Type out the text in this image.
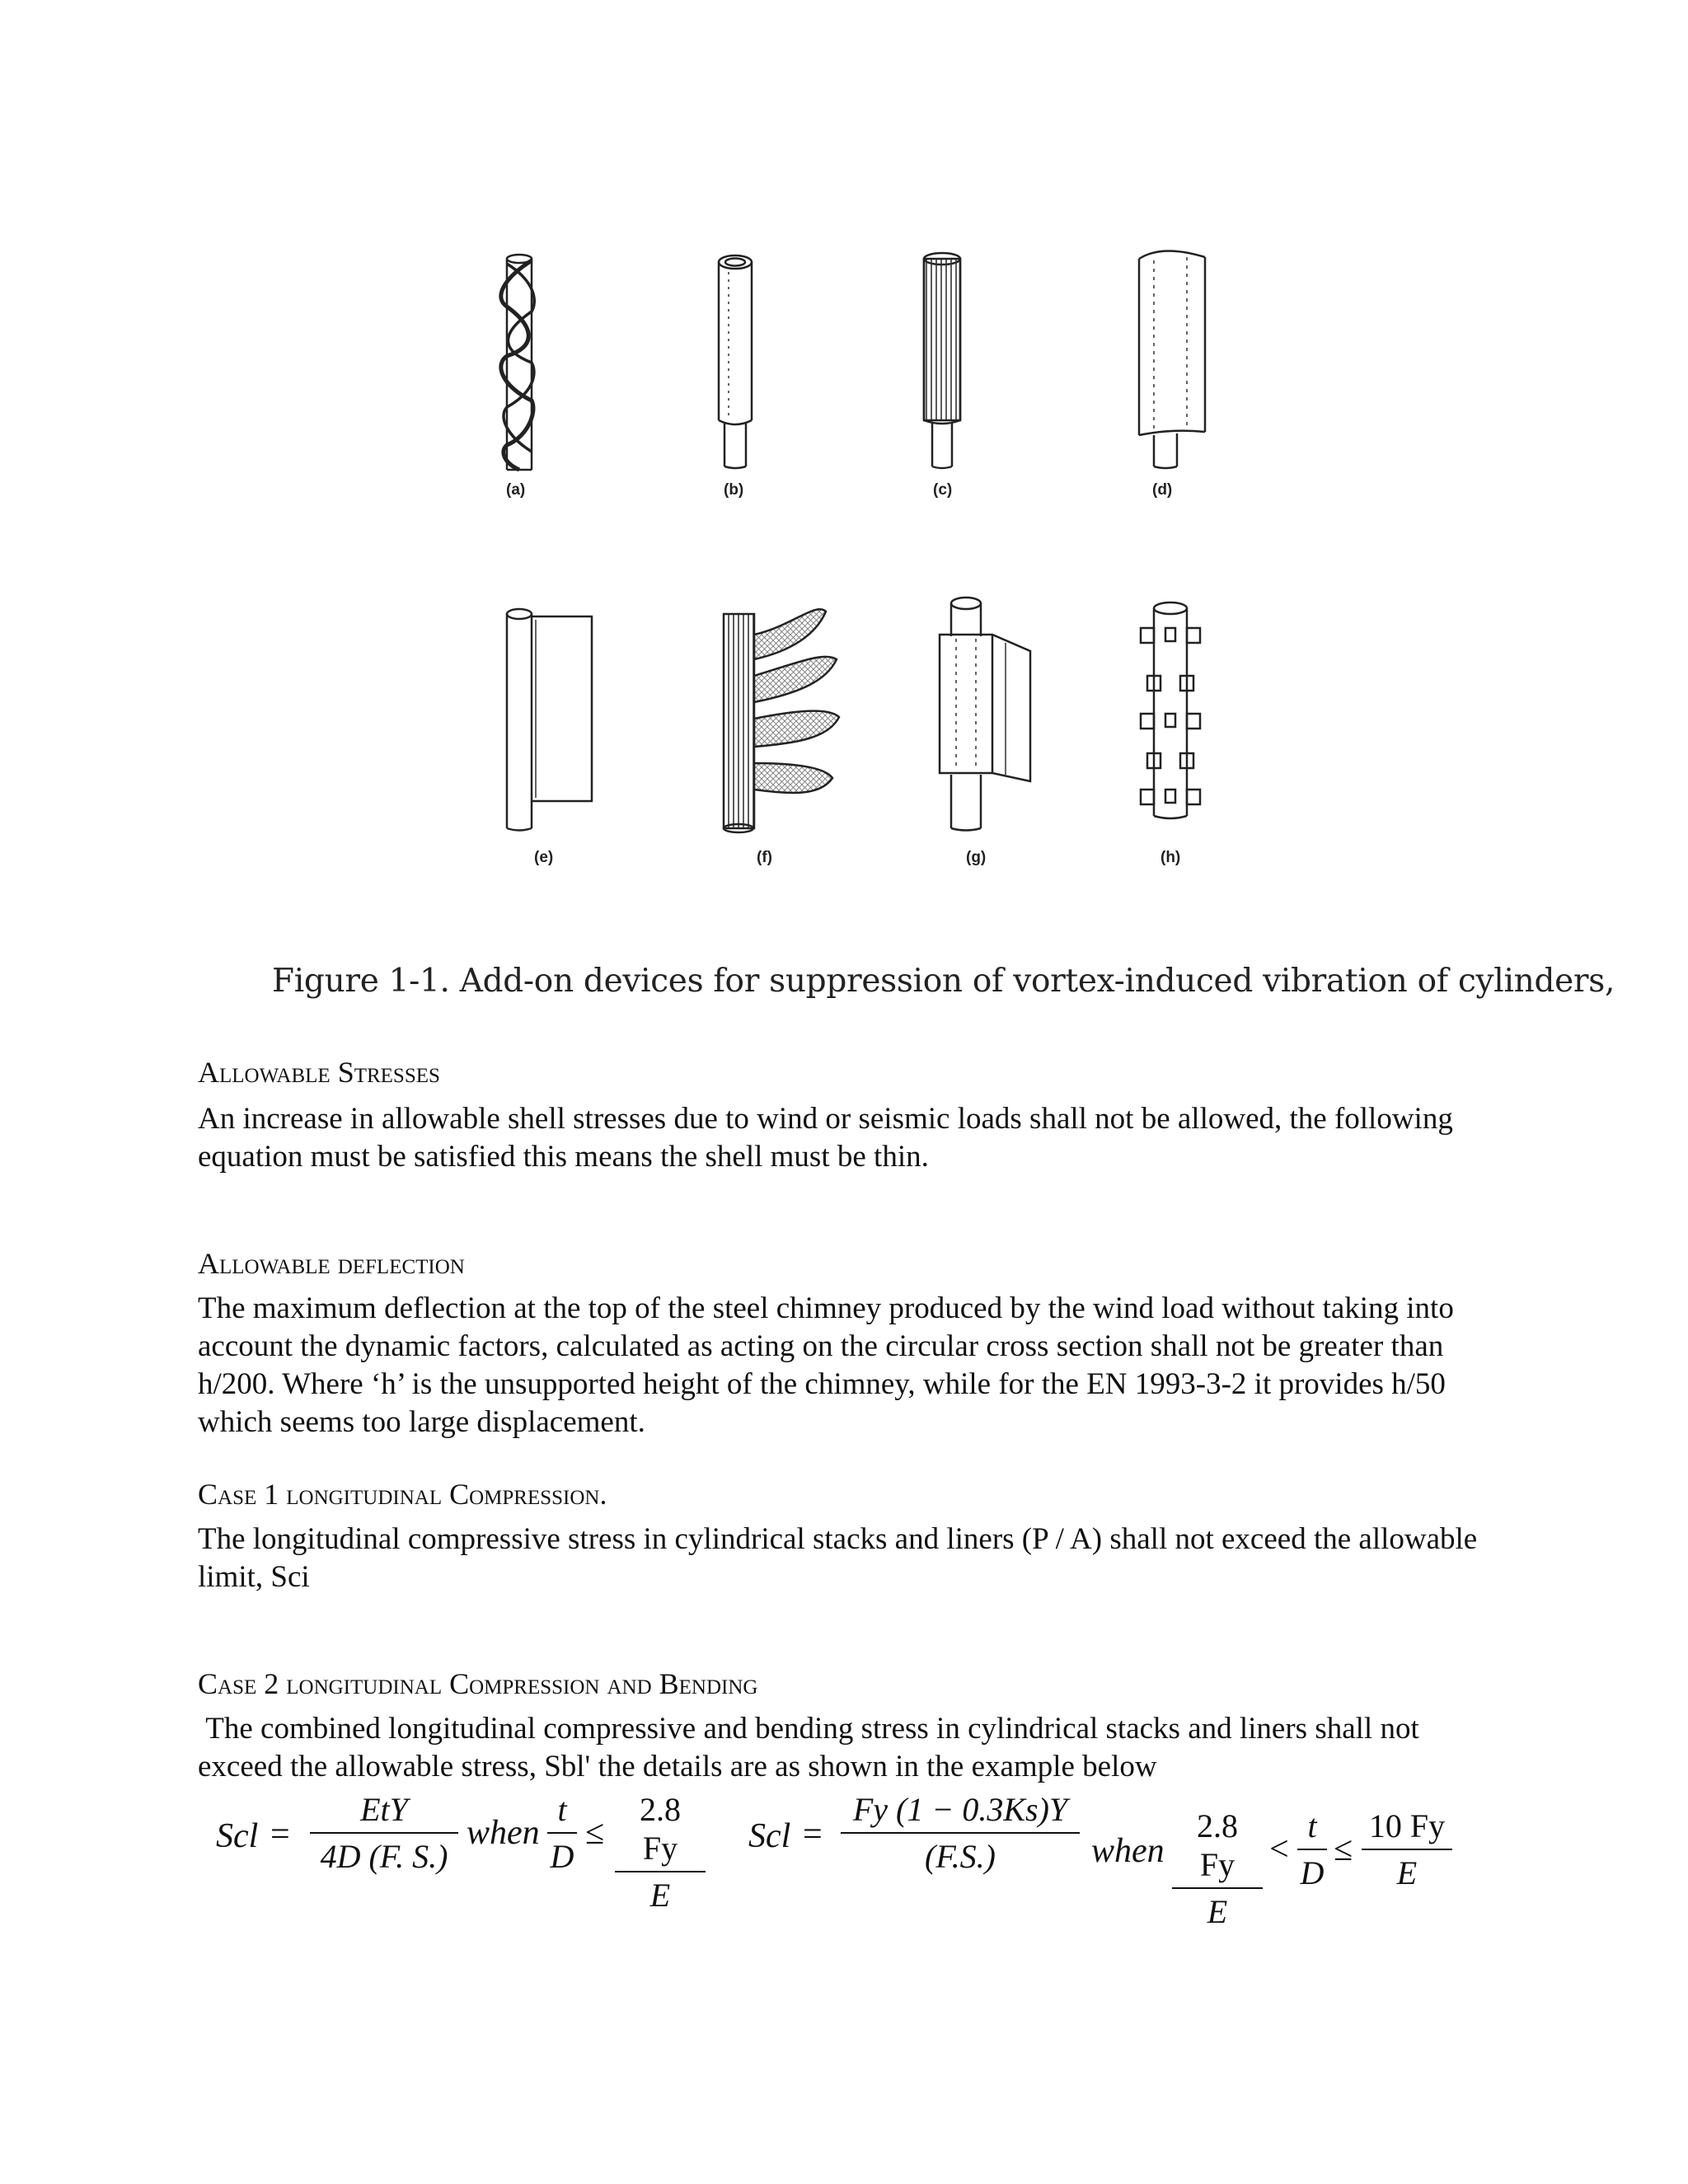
(a)	(b)	(c)	(d)
(e)	(f)	(g)	(h)
Figure 1-1. Add-on devices for suppression of vortex-induced vibration of cylinders,
Allowable Stresses

An increase in allowable shell stresses due to wind or seismic loads shall not be allowed, the following equation must be satisfied this means the shell must be thin.

Allowable deflection

The maximum deflection at the top of the steel chimney produced by the wind load without taking into account the dynamic factors, calculated as acting on the circular cross section shall not be greater than h/200. Where ‘h’ is the unsupported height of the chimney, while for the EN 1993-3-2 it provides h/50 which seems too large displacement.

Case 1 longitudinal Compression.

The longitudinal compressive stress in cylindrical stacks and liners (P / A) shall not exceed the allowable limit, Sci

Case 2 longitudinal Compression and Bending

The combined longitudinal compressive and bending stress in cylindrical stacks and liners shall not exceed the allowable stress, Sbl' the details are as shown in the example below

Scl =
EtY
4D (F. S.)
when $\frac{t}{D} \le \frac{2.8 Fy}{E}$ Scl = $\frac{Fy (1 - 0.3Ks)Y}{(F.S.)}$ when $\frac{2.8 Fy}{E} < \frac{t}{D} \le \frac{10 Fy}{E}$
